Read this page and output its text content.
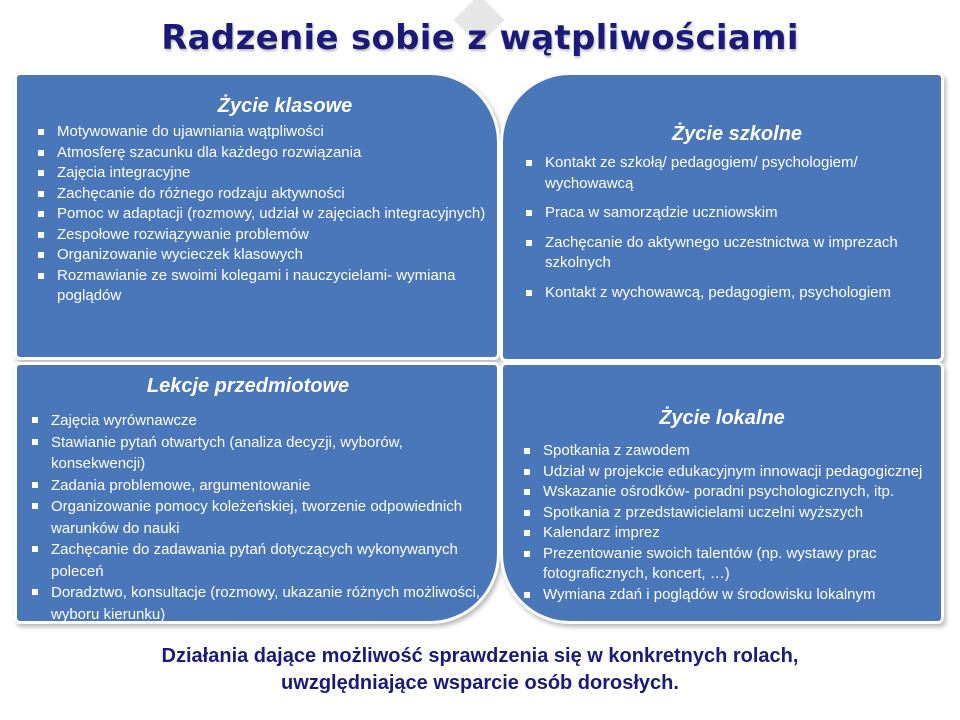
Radzenie sobie z wątpliwościami
Życie klasowe
Motywowanie do ujawniania wątpliwości
Atmosferę szacunku dla każdego rozwiązania
Zajęcia integracyjne
Zachęcanie do różnego rodzaju aktywności
Pomoc w adaptacji (rozmowy, udział w zajęciach integracyjnych)
Zespołowe rozwiązywanie problemów
Organizowanie wycieczek klasowych
Rozmawianie ze swoimi kolegami i nauczycielami- wymiana poglądów
Życie szkolne
Kontakt ze szkołą/ pedagogiem/ psychologiem/ wychowawcą
Praca w samorządzie uczniowskim
Zachęcanie do aktywnego uczestnictwa w imprezach szkolnych
Kontakt z wychowawcą, pedagogiem, psychologiem
Lekcje przedmiotowe
Zajęcia wyrównawcze
Stawianie pytań otwartych (analiza decyzji, wyborów, konsekwencji)
Zadania problemowe, argumentowanie
Organizowanie pomocy koleżeńskiej, tworzenie odpowiednich warunków do nauki
Zachęcanie do zadawania pytań dotyczących wykonywanych poleceń
Doradztwo, konsultacje (rozmowy, ukazanie różnych możliwości, wyboru kierunku)
Życie lokalne
Spotkania z zawodem
Udział w projekcie edukacyjnym innowacji pedagogicznej
Wskazanie ośrodków- poradni psychologicznych, itp.
Spotkania z przedstawicielami uczelni wyższych
Kalendarz imprez
Prezentowanie swoich talentów (np. wystawy prac fotograficznych, koncert, …)
Wymiana zdań i poglądów w środowisku lokalnym
Działania dające możliwość sprawdzenia się w konkretnych rolach,
uwzględniające wsparcie osób dorosłych.
